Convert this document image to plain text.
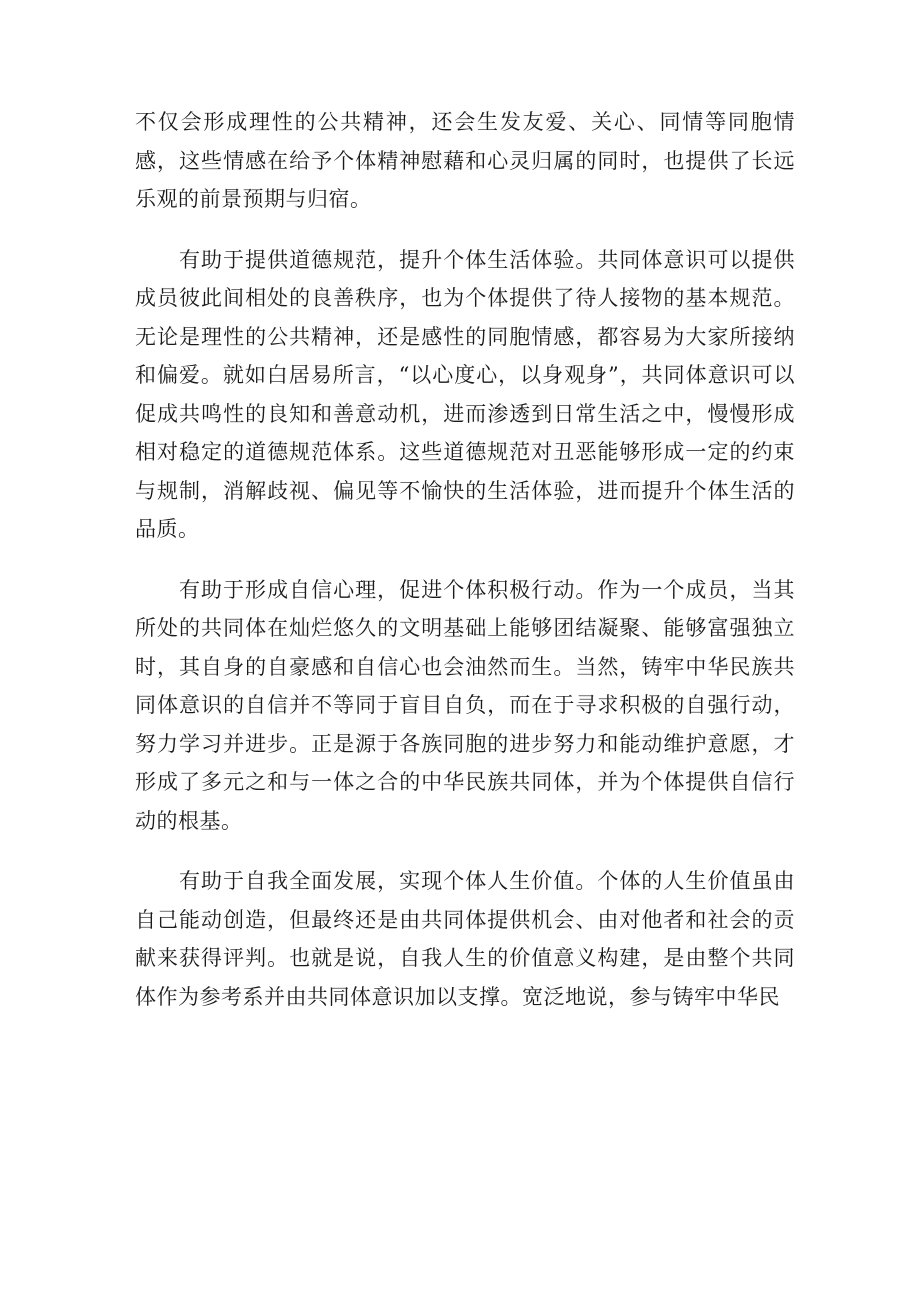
不仅会形成理性的公共精神，还会生发友爱、关心、同情等同胞情感，这些情感在给予个体精神慰藉和心灵归属的同时，也提供了长远乐观的前景预期与归宿。

有助于提供道德规范，提升个体生活体验。共同体意识可以提供成员彼此间相处的良善秩序，也为个体提供了待人接物的基本规范。无论是理性的公共精神，还是感性的同胞情感，都容易为大家所接纳和偏爱。就如白居易所言，“以心度心，以身观身”，共同体意识可以促成共鸣性的良知和善意动机，进而渗透到日常生活之中，慢慢形成相对稳定的道德规范体系。这些道德规范对丑恶能够形成一定的约束与规制，消解歧视、偏见等不愉快的生活体验，进而提升个体生活的品质。

有助于形成自信心理，促进个体积极行动。作为一个成员，当其所处的共同体在灿烂悠久的文明基础上能够团结凝聚、能够富强独立时，其自身的自豪感和自信心也会油然而生。当然，铸牢中华民族共同体意识的自信并不等同于盲目自负，而在于寻求积极的自强行动，努力学习并进步。正是源于各族同胞的进步努力和能动维护意愿，才形成了多元之和与一体之合的中华民族共同体，并为个体提供自信行动的根基。

有助于自我全面发展，实现个体人生价值。个体的人生价值虽由自己能动创造，但最终还是由共同体提供机会、由对他者和社会的贡献来获得评判。也就是说，自我人生的价值意义构建，是由整个共同体作为参考系并由共同体意识加以支撑。宽泛地说，参与铸牢中华民
